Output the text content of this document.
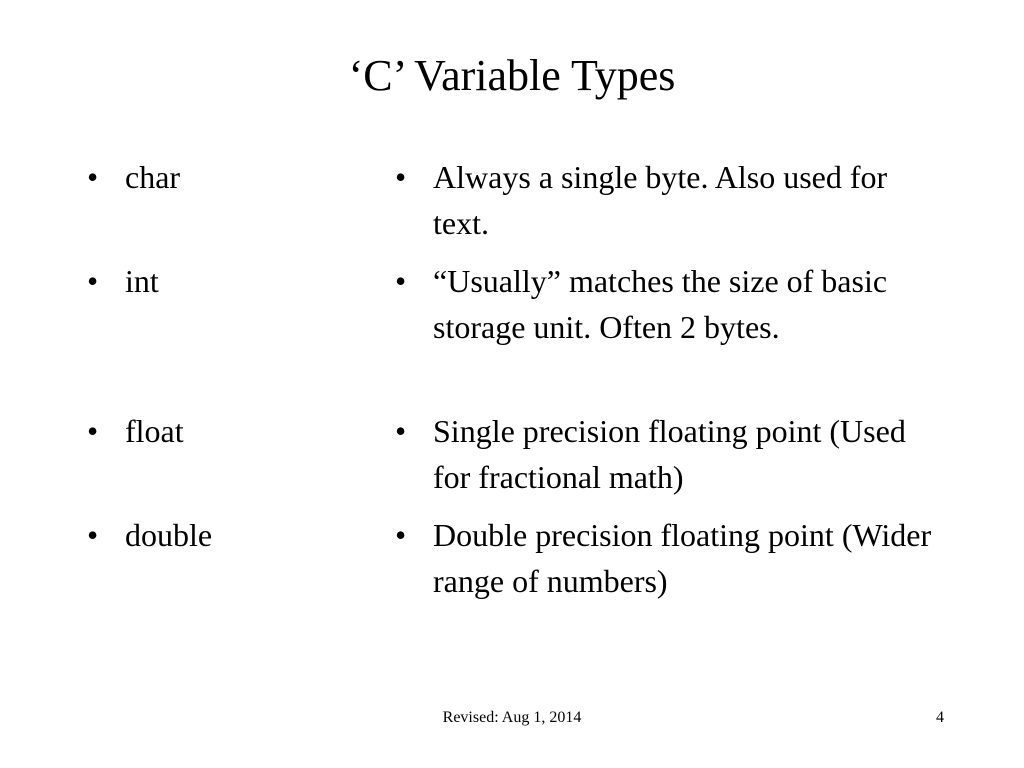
‘C’ Variable Types
• char
• int
• float
• double
• Always a single byte. Also used for text.
• “Usually” matches the size of basic storage unit. Often 2 bytes.
• Single precision floating point (Used for fractional math)
• Double precision floating point (Wider range of numbers)
Revised: Aug 1, 2014	4
